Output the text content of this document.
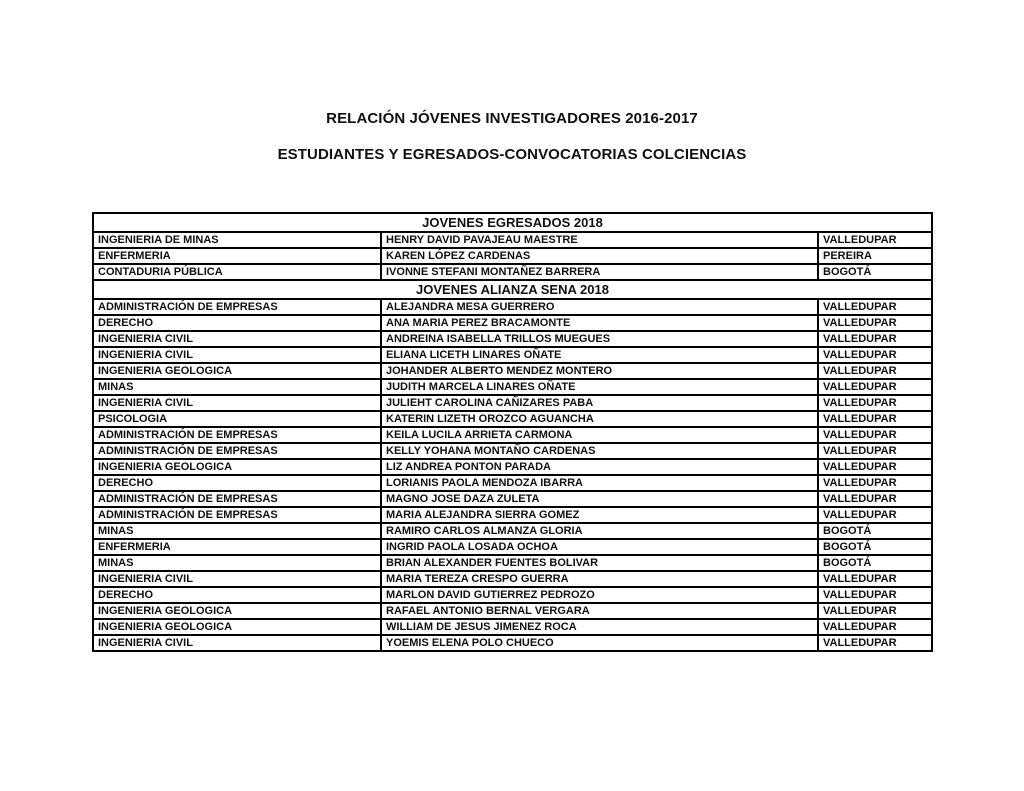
RELACIÓN JÓVENES INVESTIGADORES 2016-2017
ESTUDIANTES Y EGRESADOS-CONVOCATORIAS COLCIENCIAS
JOVENES EGRESADOS 2018		
INGENIERIA DE MINAS	HENRY DAVID PAVAJEAU MAESTRE	VALLEDUPAR
ENFERMERIA	KAREN LÓPEZ CARDENAS	PEREIRA
CONTADURIA PÚBLICA	IVONNE STEFANI MONTAÑEZ BARRERA	BOGOTÁ
JOVENES ALIANZA SENA 2018		
ADMINISTRACIÓN DE EMPRESAS	ALEJANDRA MESA GUERRERO	VALLEDUPAR
DERECHO	ANA MARIA PEREZ BRACAMONTE	VALLEDUPAR
INGENIERIA CIVIL	ANDREINA ISABELLA TRILLOS MUEGUES	VALLEDUPAR
INGENIERIA CIVIL	ELIANA LICETH LINARES OÑATE	VALLEDUPAR
INGENIERIA GEOLOGICA	JOHANDER ALBERTO MENDEZ MONTERO	VALLEDUPAR
MINAS	JUDITH MARCELA LINARES OÑATE	VALLEDUPAR
INGENIERIA CIVIL	JULIEHT CAROLINA CAÑIZARES PABA	VALLEDUPAR
PSICOLOGIA	KATERIN LIZETH OROZCO AGUANCHA	VALLEDUPAR
ADMINISTRACIÓN DE EMPRESAS	KEILA LUCILA ARRIETA CARMONA	VALLEDUPAR
ADMINISTRACIÓN DE EMPRESAS	KELLY YOHANA MONTAÑO CARDENAS	VALLEDUPAR
INGENIERIA GEOLOGICA	LIZ ANDREA PONTON PARADA	VALLEDUPAR
DERECHO	LORIANIS PAOLA MENDOZA IBARRA	VALLEDUPAR
ADMINISTRACIÓN DE EMPRESAS	MAGNO JOSE DAZA ZULETA	VALLEDUPAR
ADMINISTRACIÓN DE EMPRESAS	MARIA ALEJANDRA SIERRA GOMEZ	VALLEDUPAR
MINAS	RAMIRO CARLOS ALMANZA GLORIA	BOGOTÁ
ENFERMERIA	INGRID PAOLA LOSADA OCHOA	BOGOTÁ
MINAS	BRIAN ALEXANDER FUENTES BOLIVAR	BOGOTÁ
INGENIERIA CIVIL	MARIA TEREZA CRESPO GUERRA	VALLEDUPAR
DERECHO	MARLON DAVID GUTIERREZ PEDROZO	VALLEDUPAR
INGENIERIA GEOLOGICA	RAFAEL ANTONIO BERNAL VERGARA	VALLEDUPAR
INGENIERIA GEOLOGICA	WILLIAM DE JESUS JIMENEZ ROCA	VALLEDUPAR
INGENIERIA CIVIL	YOEMIS ELENA POLO CHUECO	VALLEDUPAR
